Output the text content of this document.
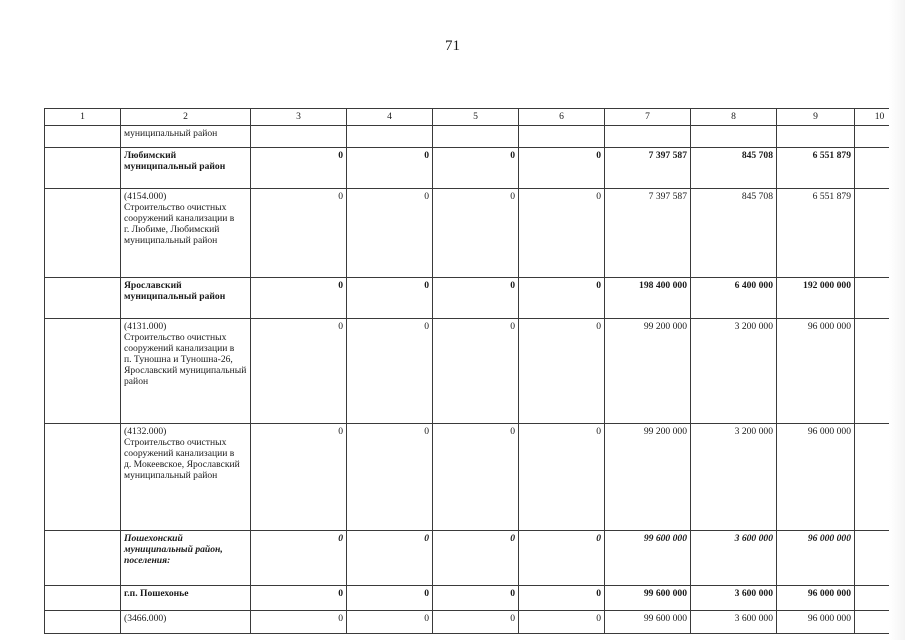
71
1	2	3	4	5	6	7	8	9	10
	муниципальный район								
	Любимский муниципальный район	0	0	0	0	7 397 587	845 708	6 551 879	
	(4154.000)
Строительство очистных сооружений канализации в
г. Любиме, Любимский муниципальный район	0	0	0	0	7 397 587	845 708	6 551 879	
	Ярославский муниципальный район	0	0	0	0	198 400 000	6 400 000	192 000 000	
	(4131.000)
Строительство очистных сооружений канализации в
п. Туношна и Туношна-26, Ярославский муниципальный район	0	0	0	0	99 200 000	3 200 000	96 000 000	
	(4132.000)
Строительство очистных сооружений канализации в
д. Мокеевское, Ярославский муниципальный район	0	0	0	0	99 200 000	3 200 000	96 000 000	
	Пошехонский муниципальный район, поселения:	0	0	0	0	99 600 000	3 600 000	96 000 000	
	г.п. Пошехонье	0	0	0	0	99 600 000	3 600 000	96 000 000	
	(3466.000)	0	0	0	0	99 600 000	3 600 000	96 000 000	
